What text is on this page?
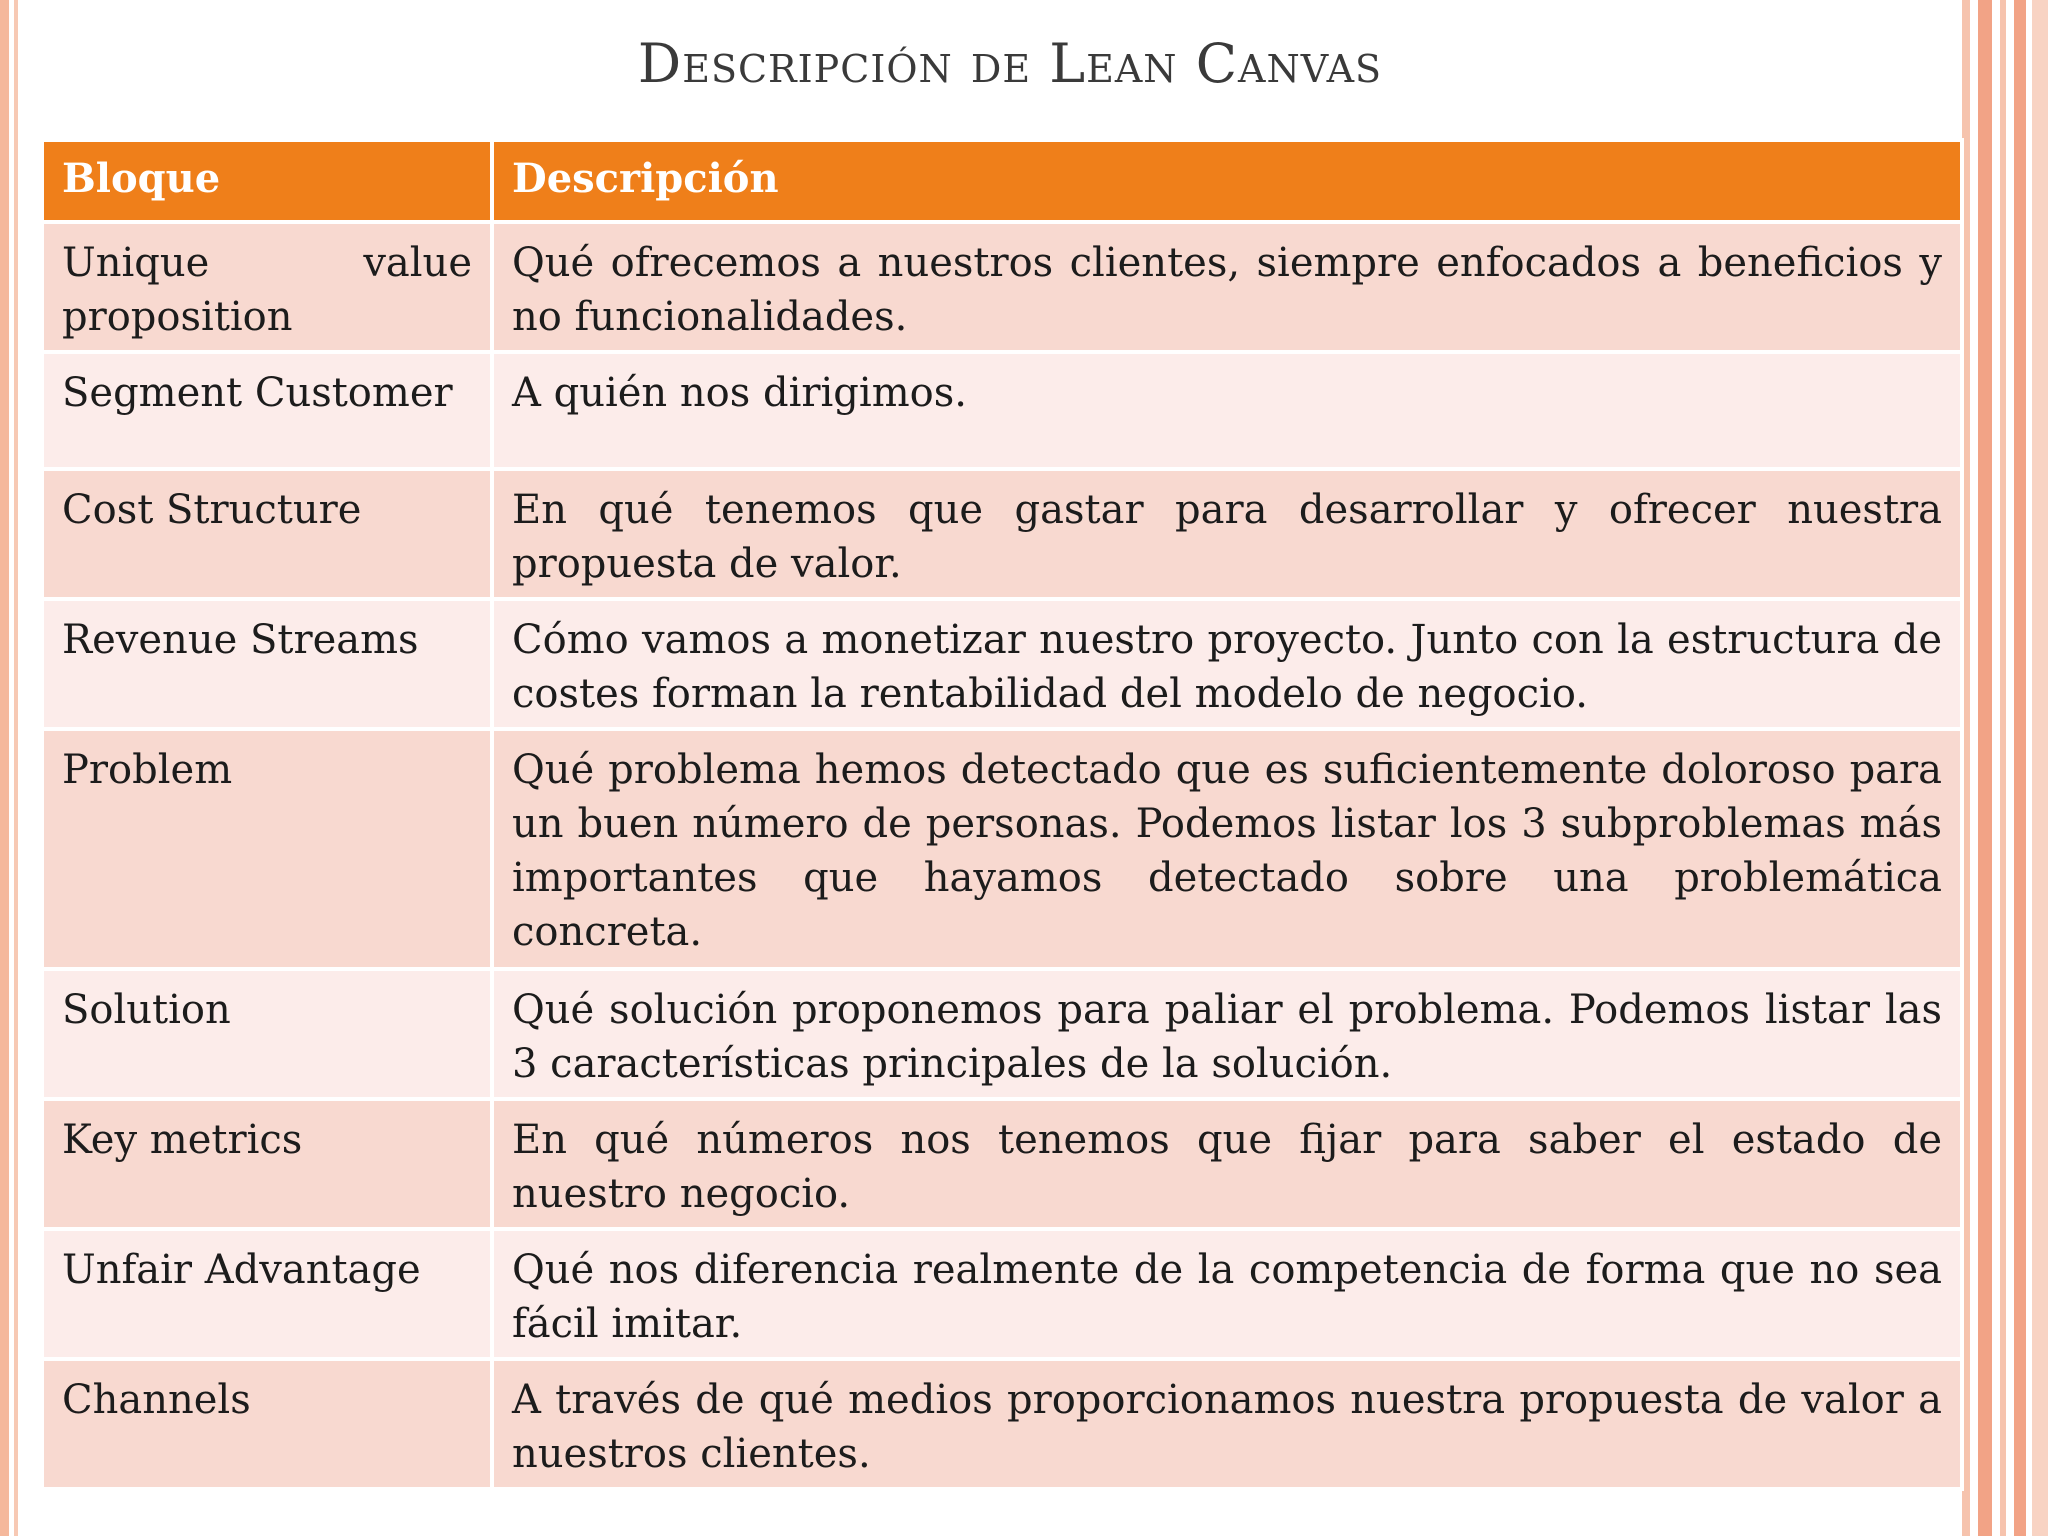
Descripción de Lean Canvas
Bloque	Descripción
Unique value proposition	Qué ofrecemos a nuestros clientes, siempre enfocados a beneficios y no funcionalidades.
Segment Customer	A quién nos dirigimos.
Cost Structure	En qué tenemos que gastar para desarrollar y ofrecer nuestra propuesta de valor.
Revenue Streams	Cómo vamos a monetizar nuestro proyecto. Junto con la estructura de costes forman la rentabilidad del modelo de negocio.
Problem	Qué problema hemos detectado que es suficientemente doloroso para un buen número de personas. Podemos listar los 3 subproblemas más importantes que hayamos detectado sobre una problemática concreta.
Solution	Qué solución proponemos para paliar el problema. Podemos listar las 3 características principales de la solución.
Key metrics	En qué números nos tenemos que fijar para saber el estado de nuestro negocio.
Unfair Advantage	Qué nos diferencia realmente de la competencia de forma que no sea fácil imitar.
Channels	A través de qué medios proporcionamos nuestra propuesta de valor a nuestros clientes.
